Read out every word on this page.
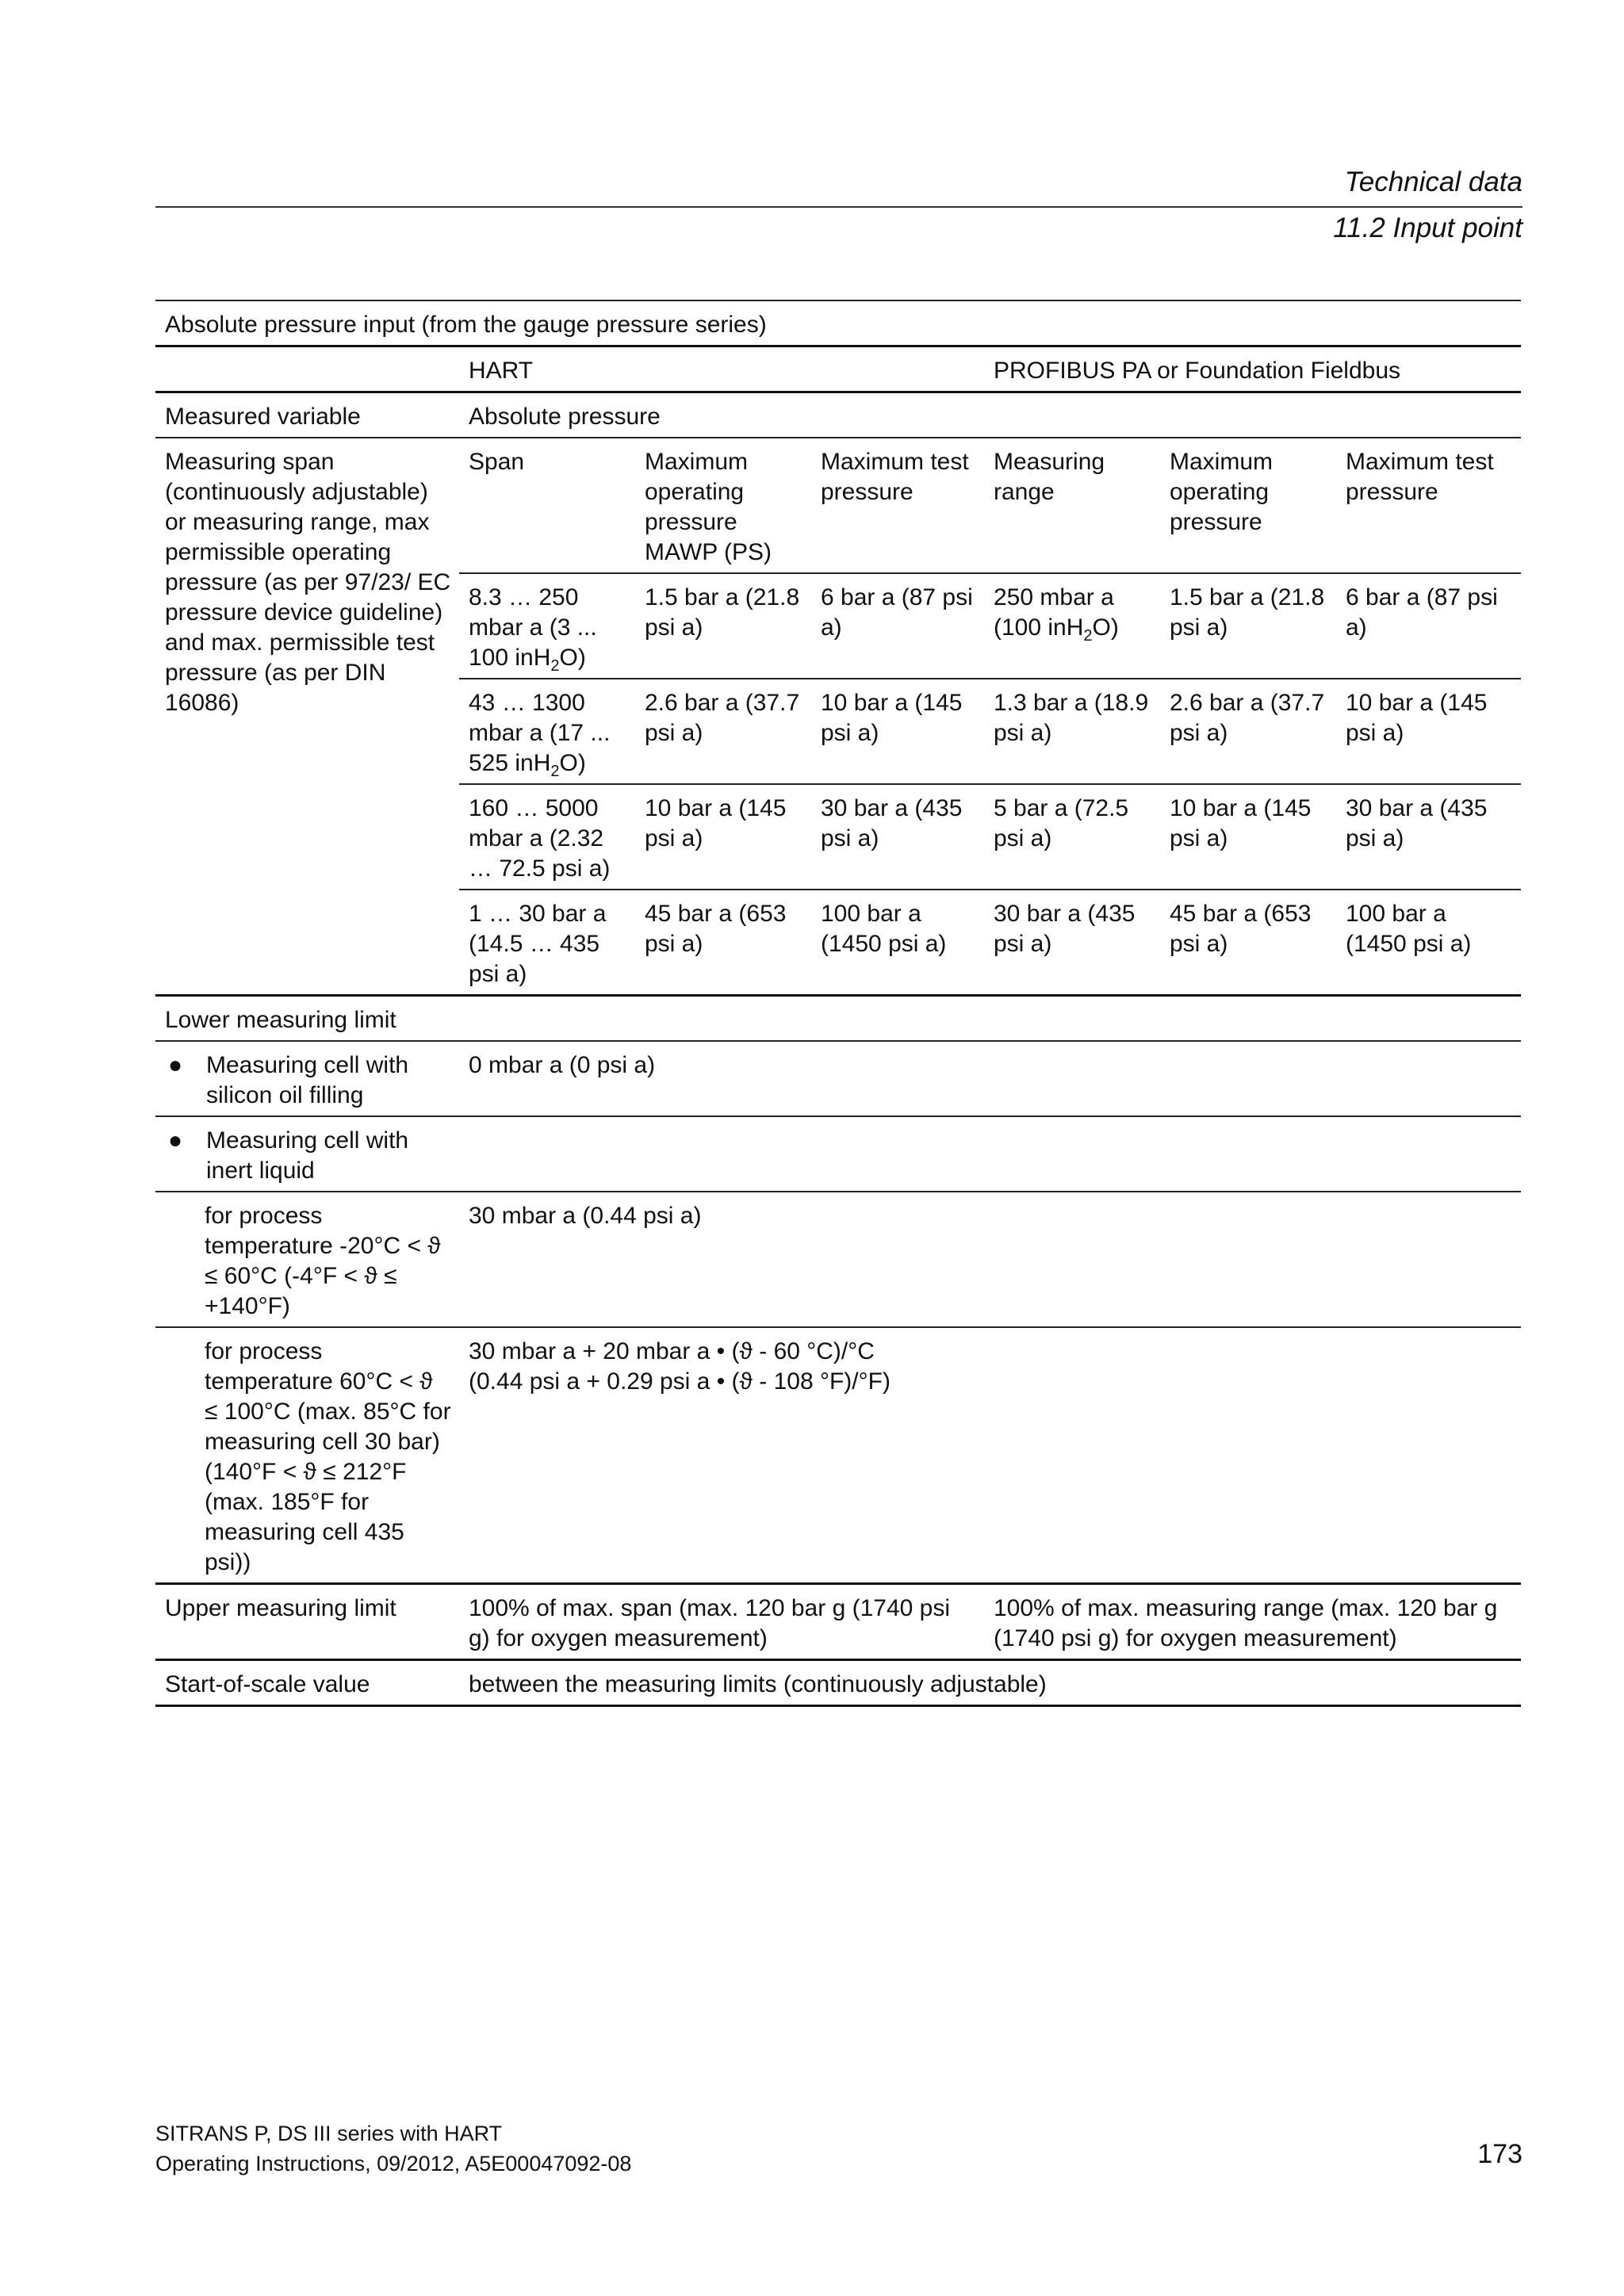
Technical data
11.2 Input point
Absolute pressure input (from the gauge pressure series)						
	HART			PROFIBUS PA or Foundation Fieldbus		
Measured variable	Absolute pressure					
Measuring span (continuously adjustable) or measuring range, max permissible operating pressure (as per 97/23/ EC pressure device guideline) and max. permissible test pressure (as per DIN 16086)	Span	Maximum operating pressure MAWP (PS)	Maximum test pressure	Measuring range	Maximum operating pressure	Maximum test pressure
	8.3 … 250 mbar a (3 ... 100 inH$_2$O)	1.5 bar a (21.8 psi a)	6 bar a (87 psi a)	250 mbar a (100 inH$_2$O)	1.5 bar a (21.8 psi a)	6 bar a (87 psi a)
	43 … 1300 mbar a (17 ... 525 inH$_2$O)	2.6 bar a (37.7 psi a)	10 bar a (145 psi a)	1.3 bar a (18.9 psi a)	2.6 bar a (37.7 psi a)	10 bar a (145 psi a)
	160 … 5000 mbar a (2.32 … 72.5 psi a)	10 bar a (145 psi a)	30 bar a (435 psi a)	5 bar a (72.5 psi a)	10 bar a (145 psi a)	30 bar a (435 psi a)
	1 … 30 bar a (14.5 … 435 psi a)	45 bar a (653 psi a)	100 bar a (1450 psi a)	30 bar a (435 psi a)	45 bar a (653 psi a)	100 bar a (1450 psi a)
Lower measuring limit						

● Measuring cell with silicon oil filling	0 mbar a (0 psi a)					

● Measuring cell with inert liquid						

for process temperature -20°C < ϑ ≤ 60°C (-4°F < ϑ ≤ +140°F)	30 mbar a (0.44 psi a)					
for process temperature 60°C < ϑ ≤ 100°C (max. 85°C for measuring cell 30 bar) (140°F < ϑ ≤ 212°F (max. 185°F for measuring cell 435 psi))	30 mbar a + 20 mbar a • (ϑ - 60 °C)/°C
(0.44 psi a + 0.29 psi a • (ϑ - 108 °F)/°F)					

Upper measuring limit	100% of max. span (max. 120 bar g (1740 psi g) for oxygen measurement)			100% of max. measuring range (max. 120 bar g (1740 psi g) for oxygen measurement)		
Start-of-scale value	between the measuring limits (continuously adjustable)					
SITRANS P, DS III series with HART
Operating Instructions, 09/2012, A5E00047092-08	173
